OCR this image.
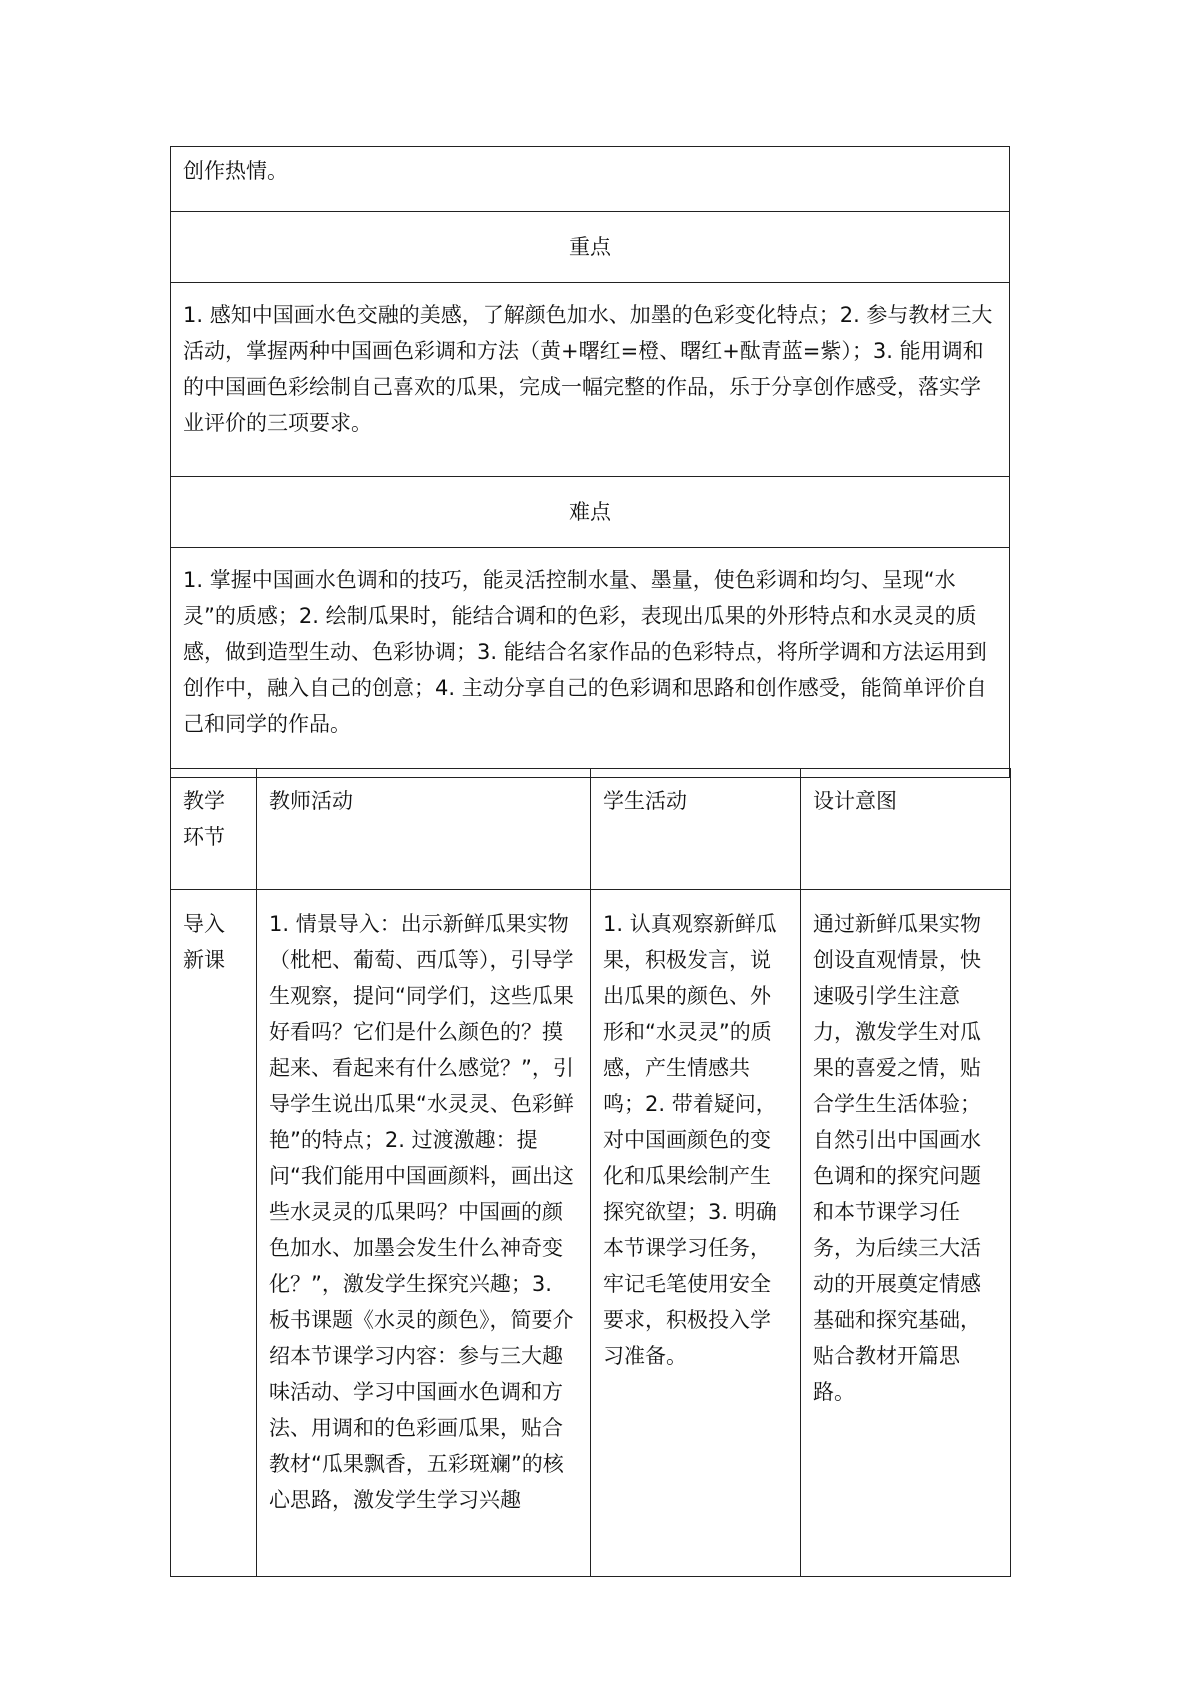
创作热情。
重点
1. 感知中国画水色交融的美感，了解颜色加水、加墨的色彩变化特点；2. 参与教材三大活动，掌握两种中国画色彩调和方法（黄+曙红=橙、曙红+酞青蓝=紫）；3. 能用调和的中国画色彩绘制自己喜欢的瓜果，完成一幅完整的作品，乐于分享创作感受，落实学业评价的三项要求。
难点
1. 掌握中国画水色调和的技巧，能灵活控制水量、墨量，使色彩调和均匀、呈现“水灵”的质感；2. 绘制瓜果时，能结合调和的色彩，表现出瓜果的外形特点和水灵灵的质感，做到造型生动、色彩协调；3. 能结合名家作品的色彩特点，将所学调和方法运用到创作中，融入自己的创意；4. 主动分享自己的色彩调和思路和创作感受，能简单评价自己和同学的作品。
教学环节	教师活动	学生活动	设计意图
导入新课	1. 情景导入：出示新鲜瓜果实物（枇杷、葡萄、西瓜等），引导学生观察，提问“同学们，这些瓜果好看吗？它们是什么颜色的？摸起来、看起来有什么感觉？”，引导学生说出瓜果“水灵灵、色彩鲜艳”的特点；2. 过渡激趣：提问“我们能用中国画颜料，画出这些水灵灵的瓜果吗？中国画的颜色加水、加墨会发生什么神奇变化？”，激发学生探究兴趣；3. 板书课题《水灵的颜色》，简要介绍本节课学习内容：参与三大趣味活动、学习中国画水色调和方法、用调和的色彩画瓜果，贴合教材“瓜果飘香，五彩斑斓”的核心思路，激发学生学习兴趣	1. 认真观察新鲜瓜果，积极发言，说出瓜果的颜色、外形和“水灵灵”的质感，产生情感共鸣；2. 带着疑问，对中国画颜色的变化和瓜果绘制产生探究欲望；3. 明确本节课学习任务，牢记毛笔使用安全要求，积极投入学习准备。	通过新鲜瓜果实物创设直观情景，快速吸引学生注意力，激发学生对瓜果的喜爱之情，贴合学生生活体验；自然引出中国画水色调和的探究问题和本节课学习任务，为后续三大活动的开展奠定情感基础和探究基础，贴合教材开篇思路。
